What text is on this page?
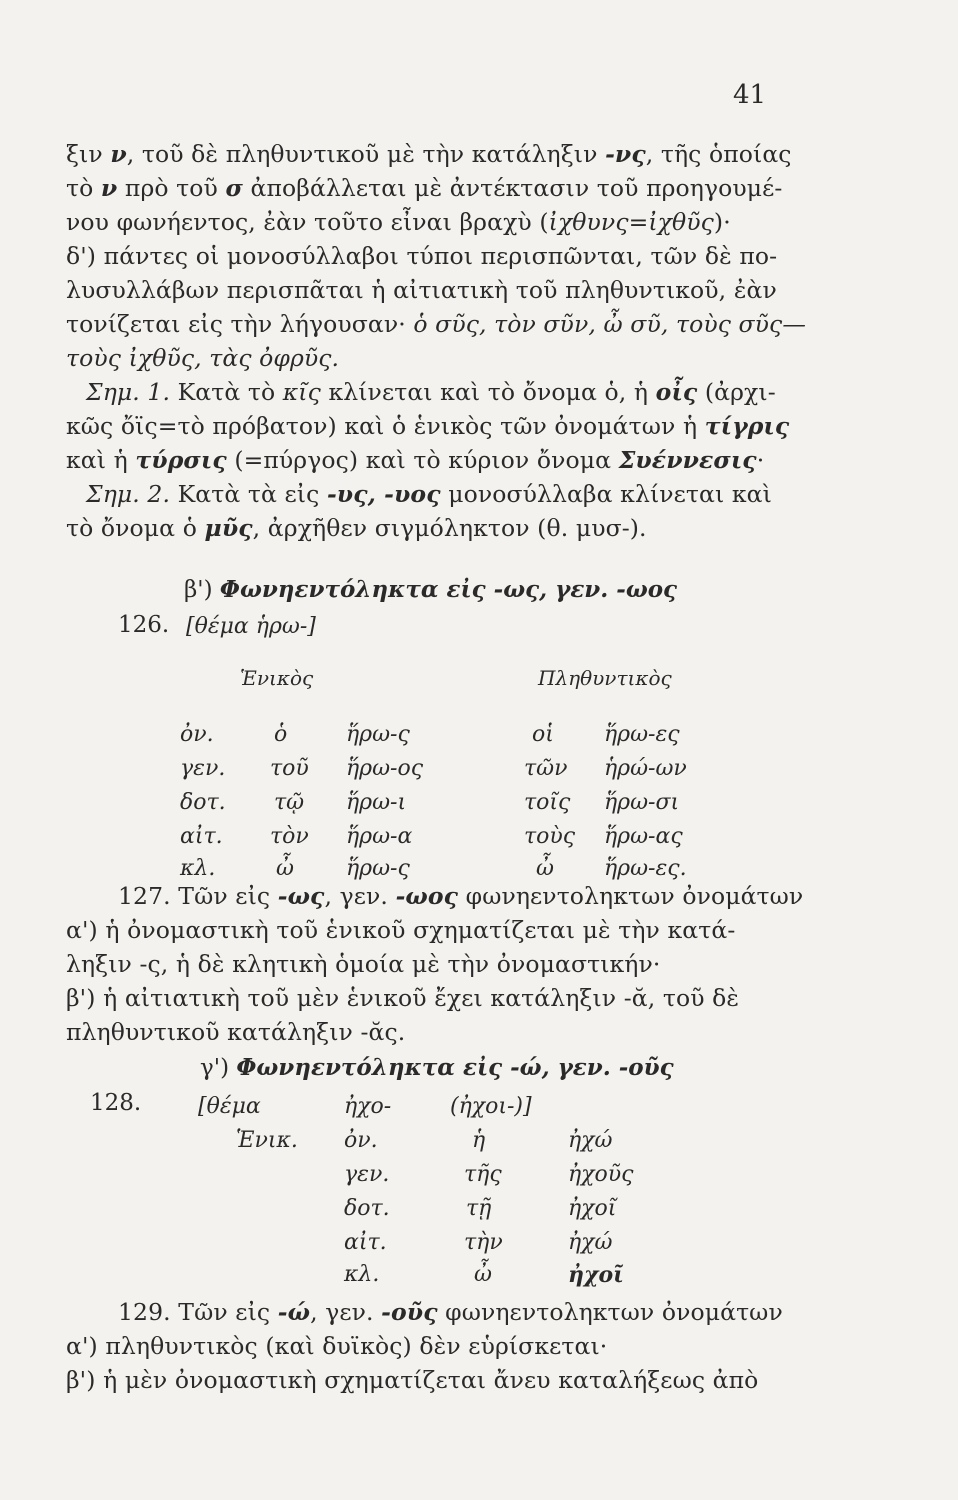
41
ξιν ν, τοῦ δὲ πληθυντικοῦ μὲ τὴν κατάληξιν -νς, τῆς ὁποίας
τὸ ν πρὸ τοῦ σ ἀποβάλλεται μὲ ἀντέκτασιν τοῦ προηγουμέ-
νου φωνήεντος, ἐὰν τοῦτο εἶναι βραχὺ (ἰχθυνς=ἰχθῦς)·
δ') πάντες οἱ μονοσύλλαβοι τύποι περισπῶνται, τῶν δὲ πο-
λυσυλλάβων περισπᾶται ἡ αἰτιατικὴ τοῦ πληθυντικοῦ, ἐὰν
τονίζεται εἰς τὴν λήγουσαν· ὁ σῦς, τὸν σῦν, ὦ σῦ, τοὺς σῦς—
τοὺς ἰχθῦς, τὰς ὀφρῦς.
Σημ. 1. Κατὰ τὸ κῖς κλίνεται καὶ τὸ ὄνομα ὁ, ἡ οἶς (ἀρχι-
κῶς ὄϊς=τὸ πρόβατον) καὶ ὁ ἑνικὸς τῶν ὀνομάτων ἡ τίγρις
καὶ ἡ τύρσις (=πύργος) καὶ τὸ κύριον ὄνομα Συέννεσις·
Σημ. 2. Κατὰ τὰ εἰς -υς, -υος μονοσύλλαβα κλίνεται καὶ
τὸ ὄνομα ὁ μῦς, ἀρχῆθεν σιγμόληκτον (θ. μυσ-).
β') Φωνηεντόληκτα εἰς -ως, γεν. -ωος
126. [θέμα ἡρω-]
Ἑνικὸς	Πληθυντικὸς
ὀν.	ὁ	ἥρω-ς	οἱ ἥρω-ες
γεν. τοῦ ἥρω-ος	τῶν ἡρώ-ων
δοτ. τῷ ἥρω-ι	τοῖς ἥρω-σι
αἰτ. τὸν ἥρω-α	τοὺς ἥρω-ας
κλ.	ὦ ἥρω-ς	ὦ ἥρω-ες.
127. Τῶν εἰς -ως, γεν. -ωος φωνηεντοληκτων ὀνομάτων
α') ἡ ὀνομαστικὴ τοῦ ἑνικοῦ σχηματίζεται μὲ τὴν κατά-
ληξιν -ς, ἡ δὲ κλητικὴ ὁμοία μὲ τὴν ὀνομαστικήν·
β') ἡ αἰτιατικὴ τοῦ μὲν ἑνικοῦ ἔχει κατάληξιν -ᾰ, τοῦ δὲ
πληθυντικοῦ κατάληξιν -ᾰς.
γ') Φωνηεντόληκτα εἰς -ώ, γεν. -οῦς
128.	[θέμα	ἠχο-	(ἠχοι-)]
Ἑνικ. ὀν.	ἡ	ἠχώ
γεν.	τῆς	ἠχοῦς
δοτ.	τῇ	ἠχοῖ
αἰτ.	τὴν	ἠχώ
κλ.	ὦ	ἠχοῖ
129. Τῶν εἰς -ώ, γεν. -οῦς φωνηεντοληκτων ὀνομάτων
α') πληθυντικὸς (καὶ δυϊκὸς) δὲν εὑρίσκεται·
β') ἡ μὲν ὀνομαστικὴ σχηματίζεται ἄνευ καταλήξεως ἀπὸ
